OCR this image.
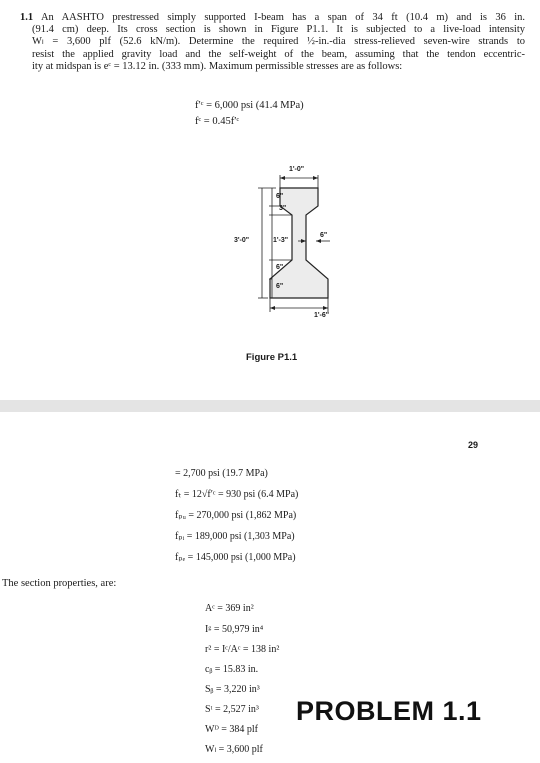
1.1 An AASHTO prestressed simply supported I-beam has a span of 34 ft (10.4 m) and is 36 in.
(91.4 cm) deep. Its cross section is shown in Figure P1.1. It is subjected to a live-load intensity
Wₗ = 3,600 plf (52.6 kN/m). Determine the required ½-in.-dia stress-relieved seven-wire strands to
resist the applied gravity load and the self-weight of the beam, assuming that the tendon eccentric-
ity at midspan is eᶜ = 13.12 in. (333 mm). Maximum permissible stresses are as follows:
f′ᶜ = 6,000 psi (41.4 MPa)
fᶜ = 0.45f′ᶜ
1'-0"
6"
3"
3'-0"	1'-3"
6"
6"
6"
1'-6"
Figure P1.1
29
= 2,700 psi (19.7 MPa)
fₜ = 12√f′ᶜ = 930 psi (6.4 MPa)
fₚᵤ = 270,000 psi (1,862 MPa)
fₚᵢ = 189,000 psi (1,303 MPa)
fₚₑ = 145,000 psi (1,000 MPa)
The section properties, are:
Aᶜ = 369 in²
Iᵍ = 50,979 in⁴
r² = Iᶜ/Aᶜ = 138 in²
cᵦ = 15.83 in.
Sᵦ = 3,220 in³
Sᵗ = 2,527 in³
Wᴰ = 384 plf
Wₗ = 3,600 plf
PROBLEM 1.1
